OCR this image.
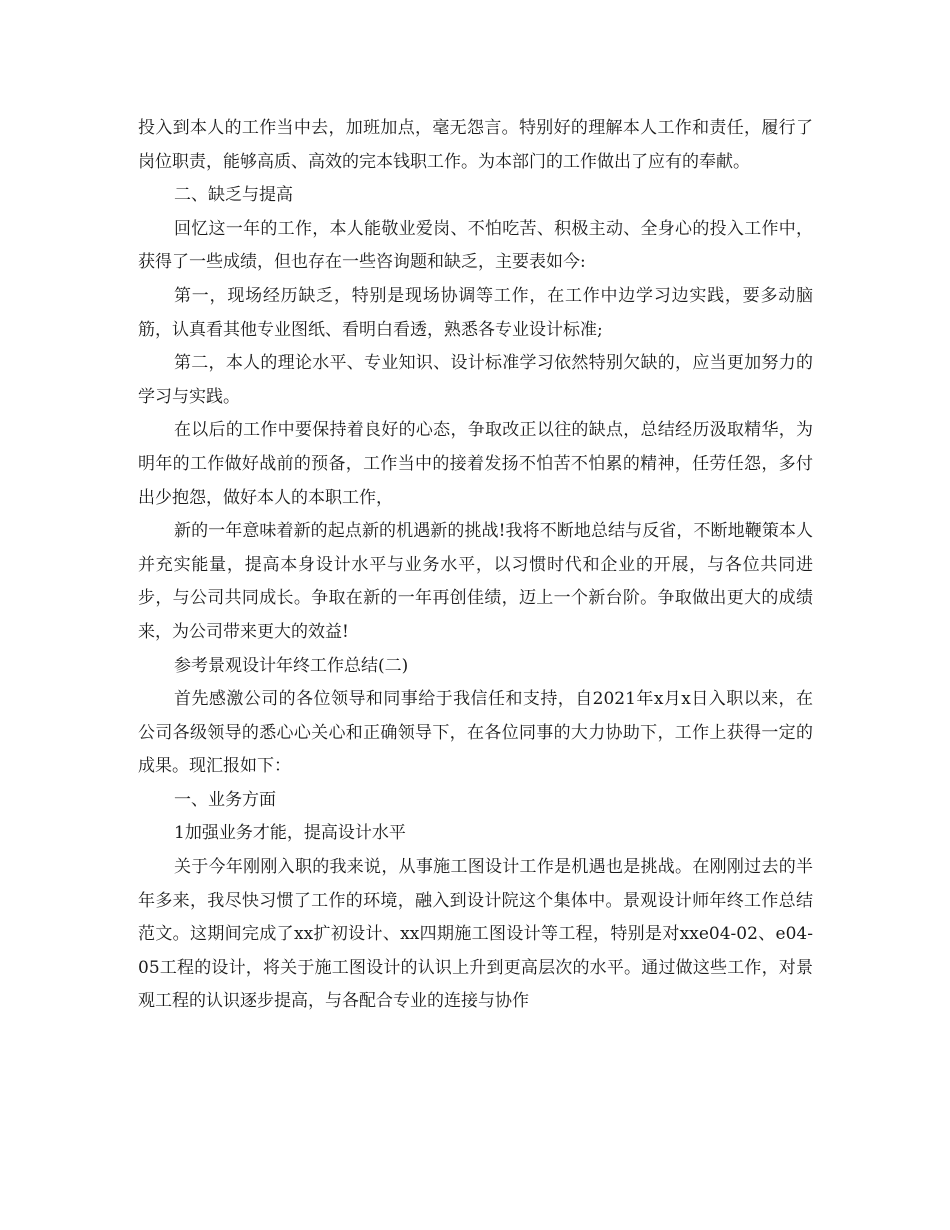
投入到本人的工作当中去，加班加点，毫无怨言。特别好的理解本人工作和责任，履行了岗位职责，能够高质、高效的完本钱职工作。为本部门的工作做出了应有的奉献。

二、缺乏与提高

回忆这一年的工作，本人能敬业爱岗、不怕吃苦、积极主动、全身心的投入工作中，获得了一些成绩，但也存在一些咨询题和缺乏，主要表如今:

第一，现场经历缺乏，特别是现场协调等工作，在工作中边学习边实践，要多动脑筋，认真看其他专业图纸、看明白看透，熟悉各专业设计标准;

第二，本人的理论水平、专业知识、设计标准学习依然特别欠缺的，应当更加努力的学习与实践。

在以后的工作中要保持着良好的心态，争取改正以往的缺点，总结经历汲取精华，为明年的工作做好战前的预备，工作当中的接着发扬不怕苦不怕累的精神，任劳任怨，多付出少抱怨，做好本人的本职工作，

新的一年意味着新的起点新的机遇新的挑战!我将不断地总结与反省，不断地鞭策本人并充实能量，提高本身设计水平与业务水平，以习惯时代和企业的开展，与各位共同进步，与公司共同成长。争取在新的一年再创佳绩，迈上一个新台阶。争取做出更大的成绩来，为公司带来更大的效益!

参考景观设计年终工作总结(二)

首先感激公司的各位领导和同事给于我信任和支持，自2021年x月x日入职以来，在公司各级领导的悉心心关心和正确领导下，在各位同事的大力协助下，工作上获得一定的成果。现汇报如下：

一、业务方面

1加强业务才能，提高设计水平

关于今年刚刚入职的我来说，从事施工图设计工作是机遇也是挑战。在刚刚过去的半年多来，我尽快习惯了工作的环境，融入到设计院这个集体中。景观设计师年终工作总结范文。这期间完成了xx扩初设计、xx四期施工图设计等工程，特别是对xxe04-02、e04-05工程的设计，将关于施工图设计的认识上升到更高层次的水平。通过做这些工作，对景观工程的认识逐步提高，与各配合专业的连接与协作
